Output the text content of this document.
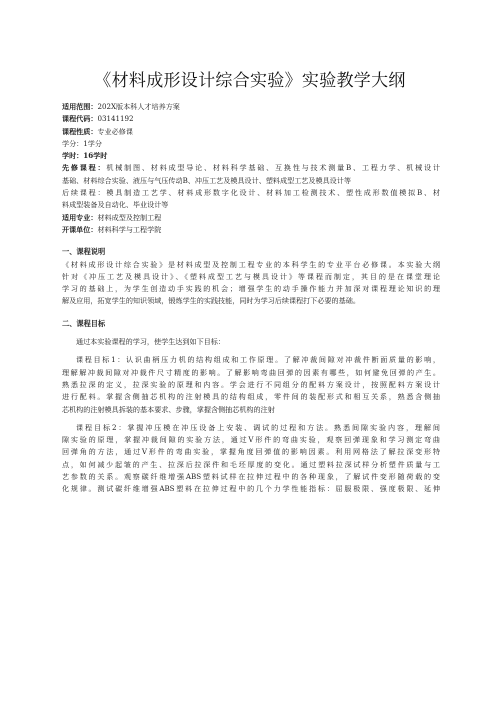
《材料成形设计综合实验》实验教学大纲
适用范围：202X版本科人才培养方案
课程代码：03141192
课程性质：专业必修课
学分：1学分
学时：16学时
先修课程：机械制图、材料成型导论、材料科学基础、互换性与技术测量B、工程力学、机械设计
基础、材料综合实验、液压与气压传动B、冲压工艺及模具设计、塑料成型工艺及模具设计等
后续课程：模具制造工艺学、材料成形数字化设计、材料加工检测技术、塑性成形数值模拟B、材
料成型装备及自动化、毕业设计等
适用专业：材料成型及控制工程
开课单位：材料科学与工程学院
一、课程说明
《材料成形设计综合实验》是材料成型及控制工程专业的本科学生的专业平台必修课。本实验大纲
针对《冲压工艺及模具设计》、《塑料成型工艺与模具设计》等课程而制定，其目的是在课堂理论
学习的基础上，为学生创造动手实践的机会；增强学生的动手操作能力并加深对课程理论知识的理
解及应用，拓宽学生的知识领域，锻炼学生的实践技能，同时为学习后续课程打下必要的基础。
二、课程目标
通过本实验课程的学习，使学生达到如下目标：
课程目标1：认识曲柄压力机的结构组成和工作原理。了解冲裁间隙对冲裁件断面质量的影响，
理解解冲裁间隙对冲裁件尺寸精度的影响。了解影响弯曲回弹的因素有哪些，如何避免回弹的产生。
熟悉拉深的定义，拉深实验的原理和内容。学会进行不同组分的配料方案设计，按照配料方案设计
进行配料。掌握含侧抽芯机构的注射模具的结构组成，零件间的装配形式和相互关系，熟悉含侧抽
芯机构的注射模具拆装的基本要求、步骤，掌握含侧抽芯机构的注射
课程目标2：掌握冲压模在冲压设备上安装、调试的过程和方法。熟悉间隙实验内容，理解间
隙实验的原理，掌握冲裁间隙的实验方法，通过V形件的弯曲实验，观察回弹现象和学习测定弯曲
回弹角的方法，通过V形件的弯曲实验，掌握角度回弹值的影响因素。利用网格法了解拉深变形特
点，如何减少起皱的产生、拉深后拉深件和毛坯厚度的变化。通过塑料拉深试样分析塑件质量与工
艺参数的关系。观察碳纤维增强ABS塑料试样在拉伸过程中的各种现象，了解试件变形随荷载的变
化规律。测试碳纤维增强ABS塑料在拉伸过程中的几个力学性能指标：屈服极限、强度极限、延伸
